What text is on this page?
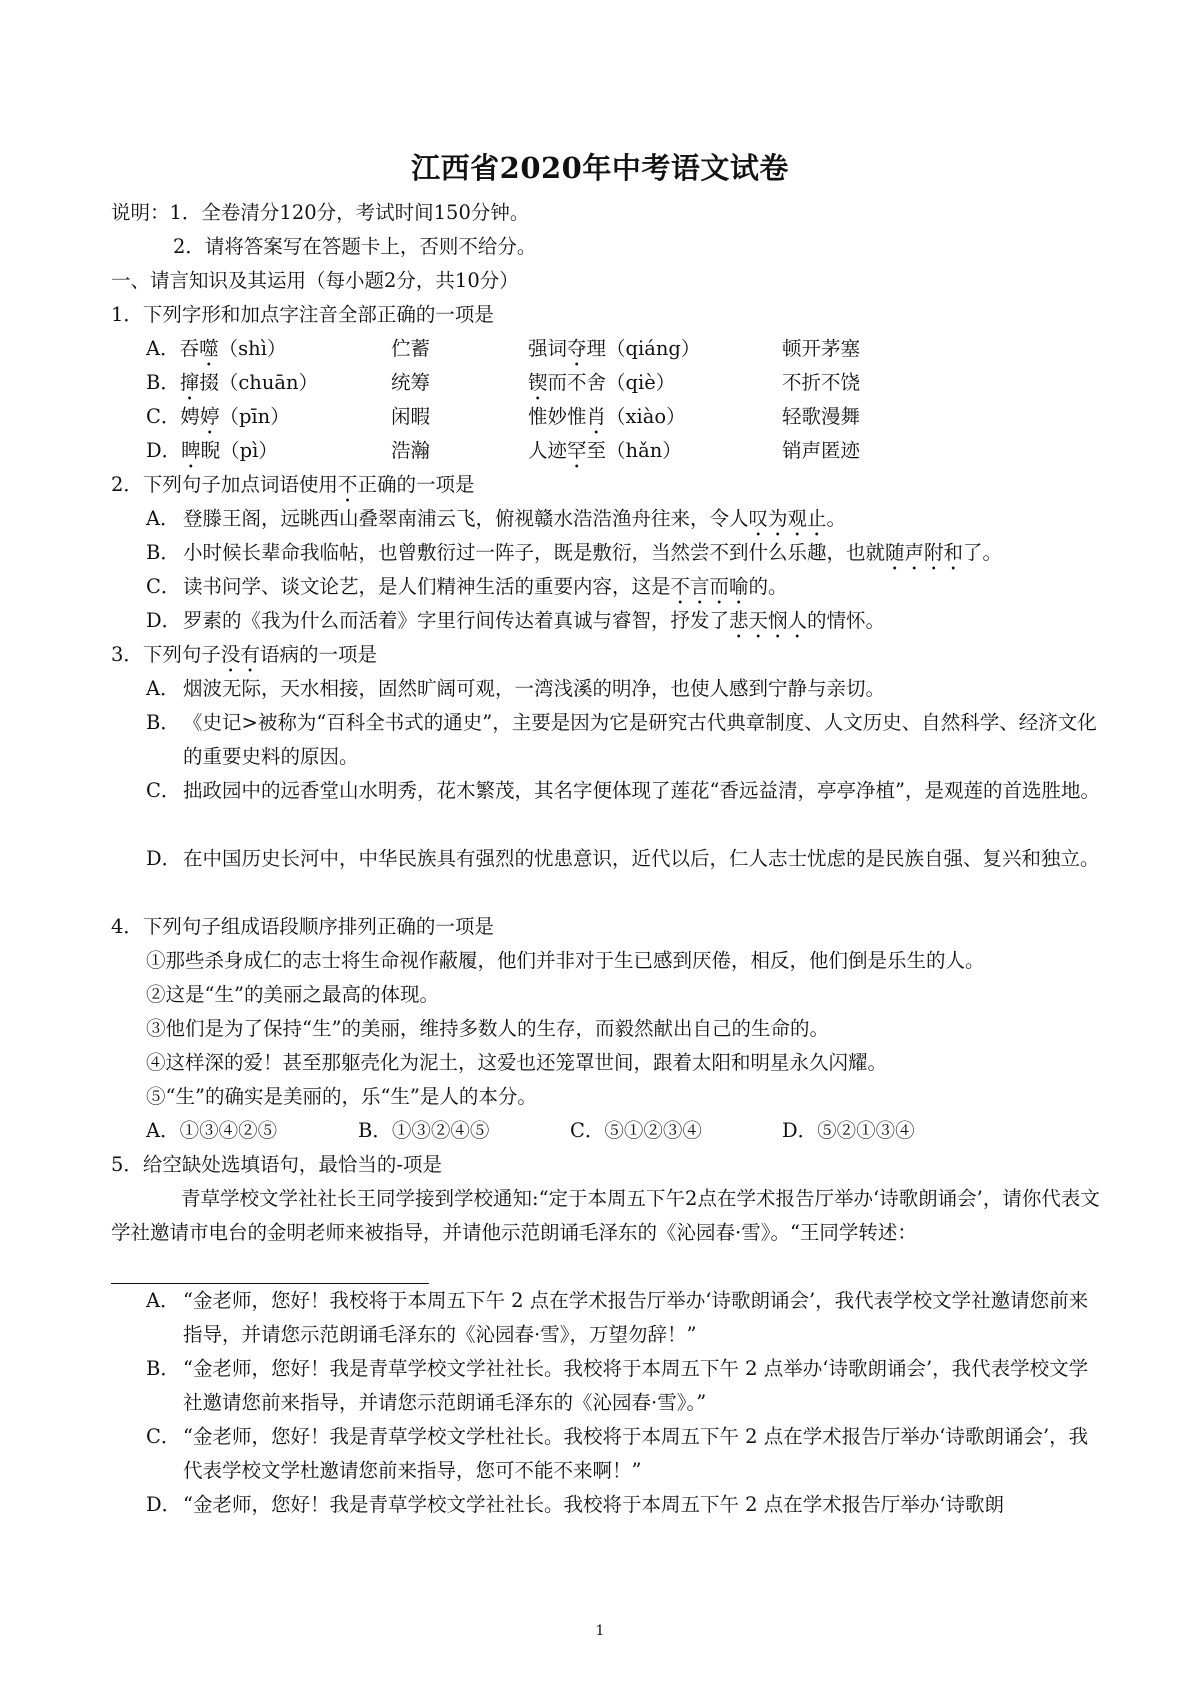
江西省2020年中考语文试卷
说明：1．全卷清分120分，考试时间150分钟。
2．请将答案写在答题卡上，否则不给分。
一、请言知识及其运用（每小题2分，共10分）
1．下列字形和加点字注音全部正确的一项是
A．吞噬（shì）	伫蓄	强词夺理（qiáng）	顿开茅塞
B．撺掇（chuān）	统筹	锲而不舍（qiè）	不折不饶
C．娉婷（pīn）	闲暇	惟妙惟肖（xiào）	轻歌漫舞
D．睥睨（pì）	浩瀚	人迹罕至（hǎn）	销声匿迹
2．下列句子加点词语使用不正确的一项是
A． 登滕王阁，远眺西山叠翠南浦云飞，俯视赣水浩浩渔舟往来，令人叹为观止。
B． 小时候长辈命我临帖，也曾敷衍过一阵子，既是敷衍，当然尝不到什么乐趣，也就随声附和了。
C． 读书问学、谈文论艺，是人们精神生活的重要内容，这是不言而喻的。
D． 罗素的《我为什么而活着》字里行间传达着真诚与睿智，抒发了悲天悯人的情怀。
3．下列句子没有语病的一项是
A． 烟波无际，天水相接，固然旷阔可观，一湾浅溪的明净，也使人感到宁静与亲切。
B． 《史记>被称为“百科全书式的通史”，主要是因为它是研究古代典章制度、人文历史、自然科学、经济文化的重要史料的原因。
C． 拙政园中的远香堂山水明秀，花木繁茂，其名字便体现了莲花“香远益清，亭亭净植”，是观莲的首选胜地。
D． 在中国历史长河中，中华民族具有强烈的忧患意识，近代以后，仁人志士忧虑的是民族自强、复兴和独立。
4．下列句子组成语段顺序排列正确的一项是
①那些杀身成仁的志士将生命视作蔽履，他们并非对于生已感到厌倦，相反，他们倒是乐生的人。
②这是“生”的美丽之最高的体现。
③他们是为了保持“生”的美丽，维持多数人的生存，而毅然献出自己的生命的。
④这样深的爱！甚至那躯壳化为泥土，这爱也还笼罩世间，跟着太阳和明星永久闪耀。
⑤“生”的确实是美丽的，乐“生”是人的本分。
A．①③④②⑤	B．①③②④⑤	C．⑤①②③④	D．⑤②①③④
5．给空缺处选填语句，最恰当的-项是
青草学校文学社社长王同学接到学校通知:“定于本周五下午2点在学术报告厅举办‘诗歌朗诵会’，请你代表文学社邀请市电台的金明老师来被指导，并请他示范朗诵毛泽东的《沁园春·雪》。“王同学转述：
A． “金老师，您好！我校将于本周五下午 2 点在学术报告厅举办‘诗歌朗诵会’，我代表学校文学社邀请您前来指导，并请您示范朗诵毛泽东的《沁园春·雪》，万望勿辞！”
B． “金老师，您好！我是青草学校文学社社长。我校将于本周五下午 2 点举办‘诗歌朗诵会’，我代表学校文学社邀请您前来指导，并请您示范朗诵毛泽东的《沁园春·雪》。”
C． “金老师，您好！我是青草学校文学杜社长。我校将于本周五下午 2 点在学术报告厅举办‘诗歌朗诵会’，我代表学校文学杜邀请您前来指导，您可不能不来啊！”
D． “金老师，您好！我是青草学校文学社社长。我校将于本周五下午 2 点在学术报告厅举办‘诗歌朗
1
